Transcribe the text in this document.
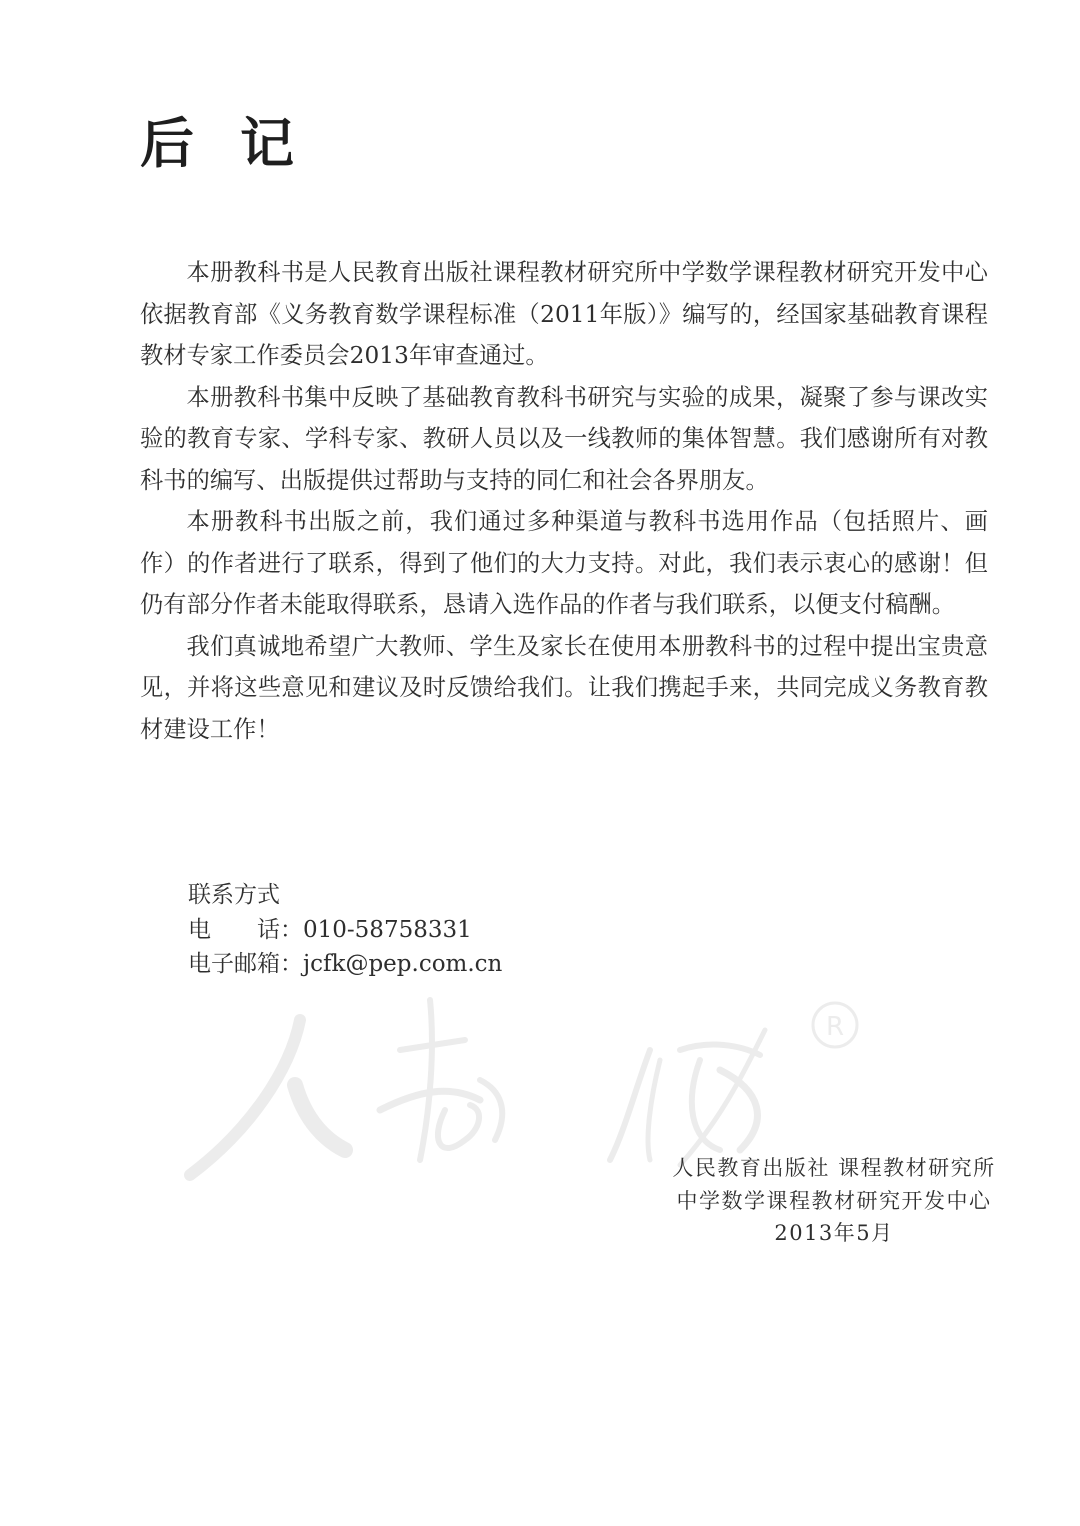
后 记

本册教科书是人民教育出版社课程教材研究所中学数学课程教材研究开发中心依据教育部《义务教育数学课程标准（2011年版）》编写的，经国家基础教育课程教材专家工作委员会2013年审查通过。

本册教科书集中反映了基础教育教科书研究与实验的成果，凝聚了参与课改实验的教育专家、学科专家、教研人员以及一线教师的集体智慧。我们感谢所有对教科书的编写、出版提供过帮助与支持的同仁和社会各界朋友。

本册教科书出版之前，我们通过多种渠道与教科书选用作品（包括照片、画作）的作者进行了联系，得到了他们的大力支持。对此，我们表示衷心的感谢！但仍有部分作者未能取得联系，恳请入选作品的作者与我们联系，以便支付稿酬。

我们真诚地希望广大教师、学生及家长在使用本册教科书的过程中提出宝贵意见，并将这些意见和建议及时反馈给我们。让我们携起手来，共同完成义务教育教材建设工作！

联系方式
电 话：010-58758331
电子邮箱：jcfk@pep.com.cn
R
人民教育出版社 课程教材研究所
中学数学课程教材研究开发中心
2013年5月
